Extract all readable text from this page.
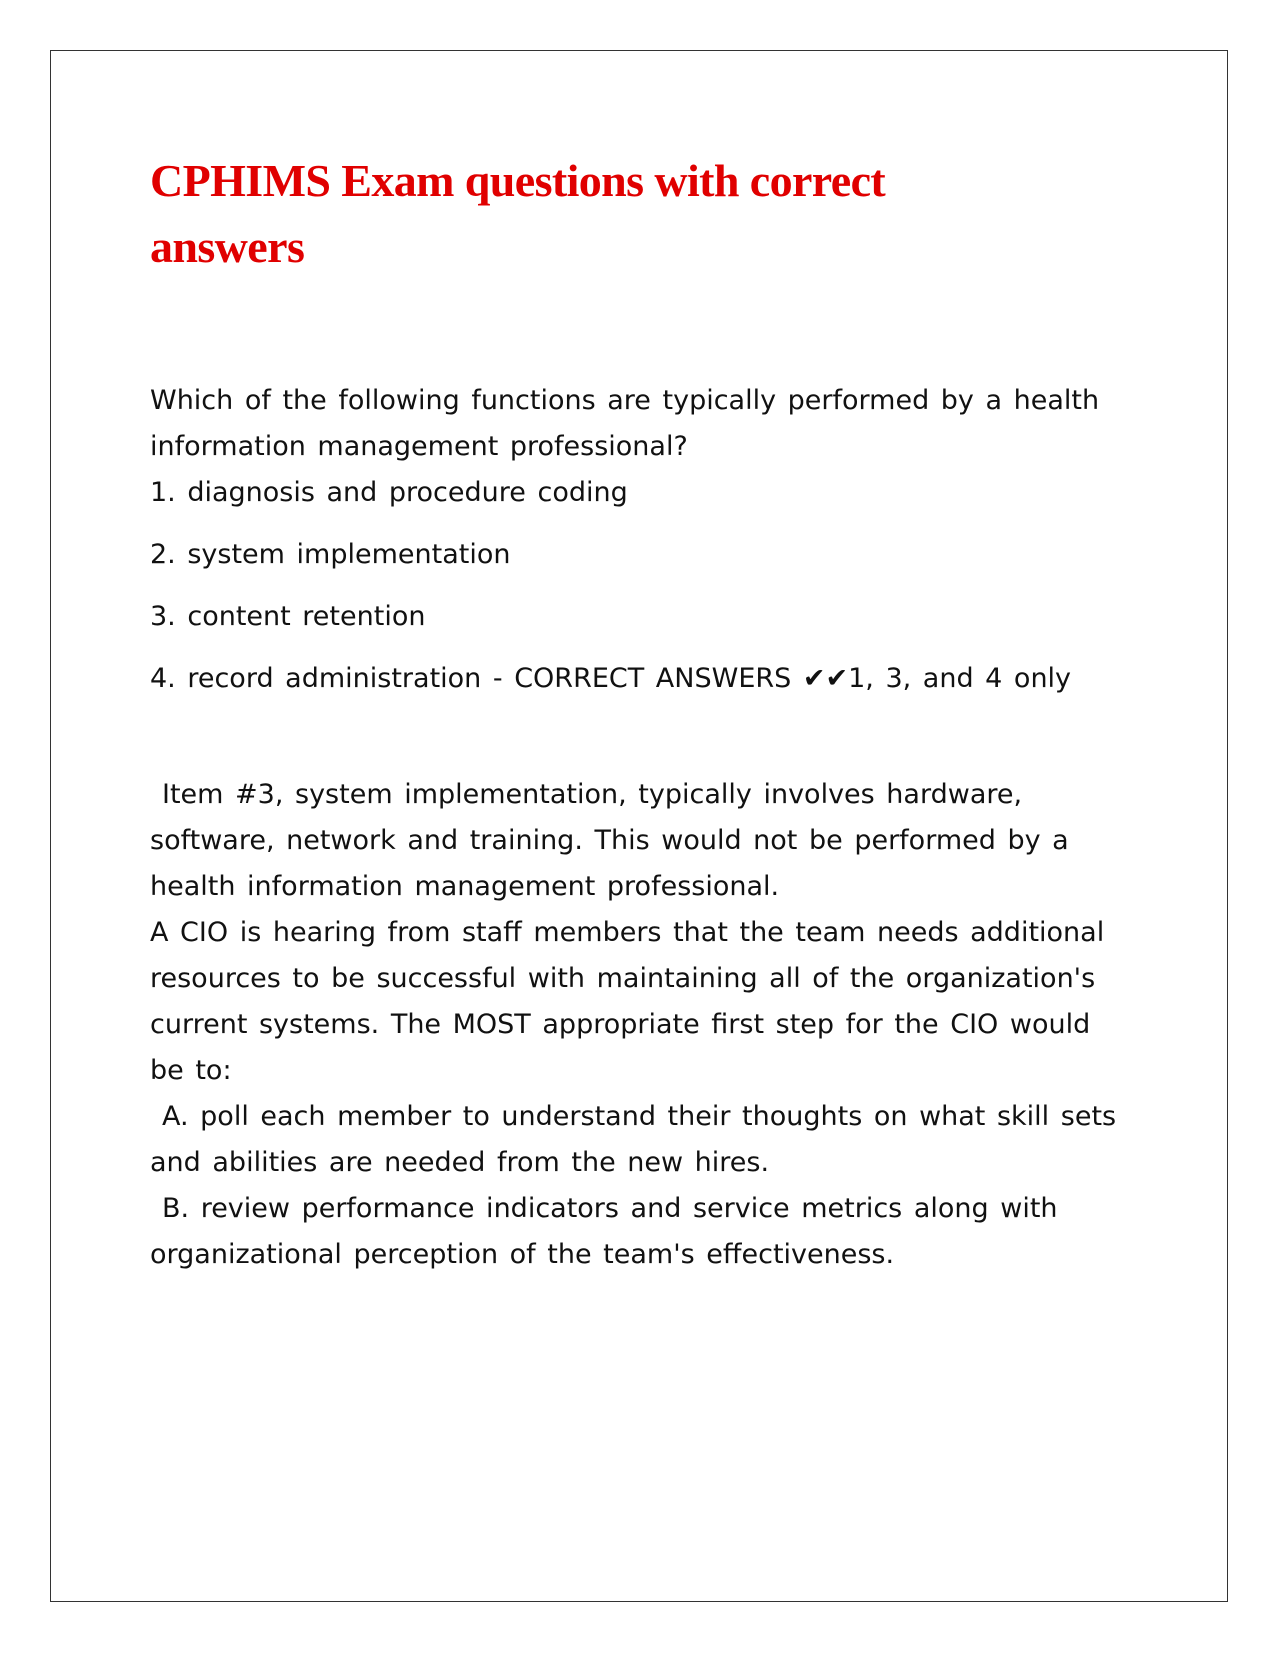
CPHIMS Exam questions with correct answers

Which of the following functions are typically performed by a health information management professional?

1. diagnosis and procedure coding
2. system implementation
3. content retention
4. record administration - CORRECT ANSWERS ✔✔1, 3, and 4 only

Item #3, system implementation, typically involves hardware, software, network and training. This would not be performed by a health information management professional.

A CIO is hearing from staff members that the team needs additional resources to be successful with maintaining all of the organization's current systems. The MOST appropriate first step for the CIO would be to:

A. poll each member to understand their thoughts on what skill sets and abilities are needed from the new hires.

B. review performance indicators and service metrics along with organizational perception of the team's effectiveness.
